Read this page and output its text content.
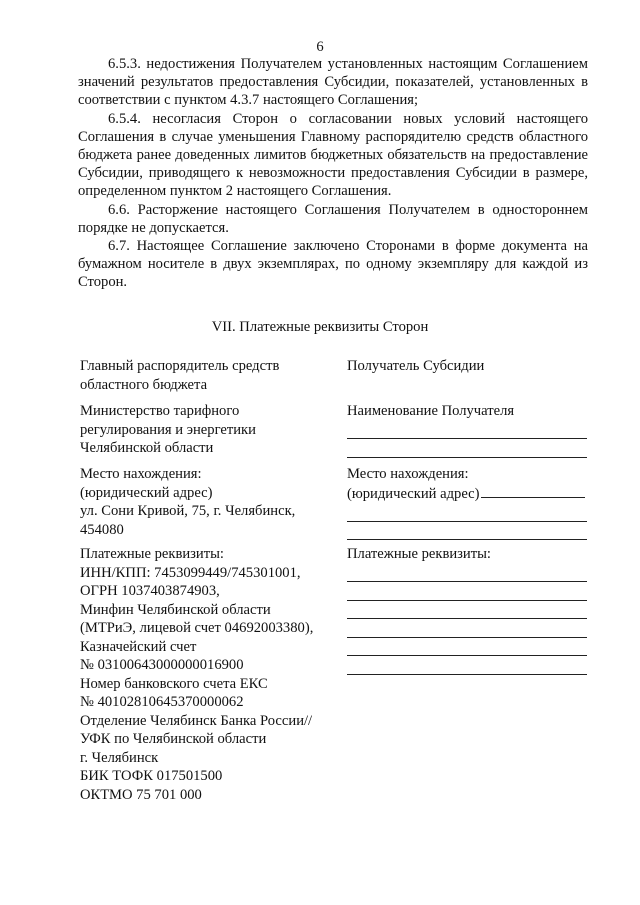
6

6.5.3. недостижения Получателем установленных настоящим Соглашением значений результатов предоставления Субсидии, показателей, установленных в соответствии с пунктом 4.3.7 настоящего Соглашения;

6.5.4. несогласия Сторон о согласовании новых условий настоящего Соглашения в случае уменьшения Главному распорядителю средств областного бюджета ранее доведенных лимитов бюджетных обязательств на предоставление Субсидии, приводящего к невозможности предоставления Субсидии в размере, определенном пунктом 2 настоящего Соглашения.

6.6. Расторжение настоящего Соглашения Получателем в одностороннем порядке не допускается.

6.7. Настоящее Соглашение заключено Сторонами в форме документа на бумажном носителе в двух экземплярах, по одному экземпляру для каждой из Сторон.

VII. Платежные реквизиты Сторон

Главный распорядитель средств

областного бюджета

Министерство тарифного

регулирования и энергетики

Челябинской области

Место нахождения:

(юридический адрес)

ул. Сони Кривой, 75, г. Челябинск,

454080

Платежные реквизиты:

ИНН/КПП: 7453099449/745301001,

ОГРН 1037403874903,

Минфин Челябинской области

(МТРиЭ, лицевой счет 04692003380),

Казначейский счет

№ 03100643000000016900

Номер банковского счета ЕКС

№ 40102810645370000062

Отделение Челябинск Банка России//

УФК по Челябинской области

г. Челябинск

БИК ТОФК 017501500

ОКТМО 75 701 000

Получатель Субсидии

Наименование Получателя

Место нахождения:

(юридический адрес)

Платежные реквизиты:
